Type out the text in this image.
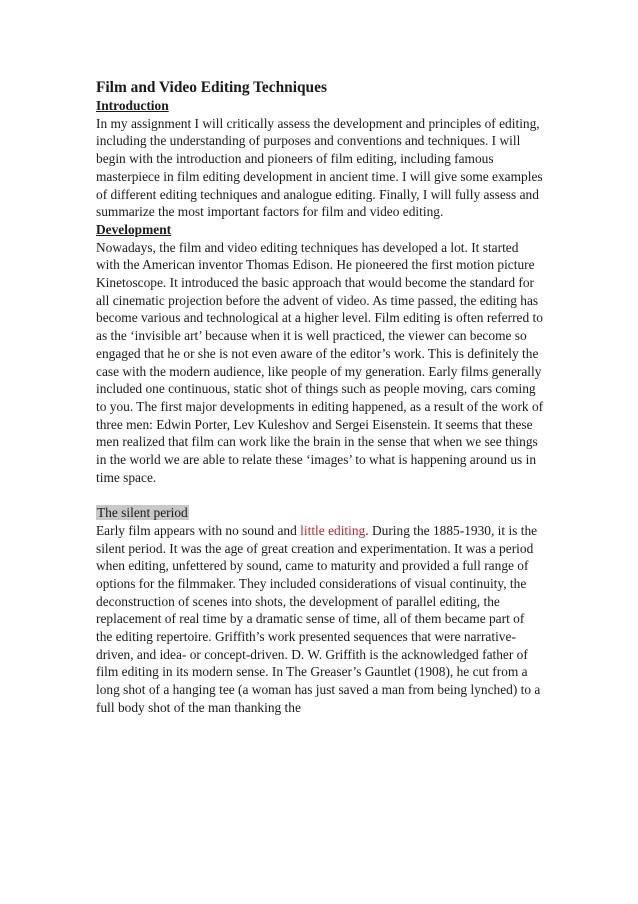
Film and Video Editing Techniques

Introduction

In my assignment I will critically assess the development and principles of editing, including the understanding of purposes and conventions and techniques. I will begin with the introduction and pioneers of film editing, including famous masterpiece in film editing development in ancient time. I will give some examples of different editing techniques and analogue editing. Finally, I will fully assess and summarize the most important factors for film and video editing.

Development

Nowadays, the film and video editing techniques has developed a lot. It started with the American inventor Thomas Edison. He pioneered the first motion picture Kinetoscope. It introduced the basic approach that would become the standard for all cinematic projection before the advent of video. As time passed, the editing has become various and technological at a higher level. Film editing is often referred to as the ‘invisible art’ because when it is well practiced, the viewer can become so engaged that he or she is not even aware of the editor’s work. This is definitely the case with the modern audience, like people of my generation. Early films generally included one continuous, static shot of things such as people moving, cars coming to you. The first major developments in editing happened, as a result of the work of three men: Edwin Porter, Lev Kuleshov and Sergei Eisenstein. It seems that these men realized that film can work like the brain in the sense that when we see things in the world we are able to relate these ‘images’ to what is happening around us in time space.

The silent period

Early film appears with no sound and little editing. During the 1885-1930, it is the silent period. It was the age of great creation and experimentation. It was a period when editing, unfettered by sound, came to maturity and provided a full range of options for the filmmaker. They included considerations of visual continuity, the deconstruction of scenes into shots, the development of parallel editing, the replacement of real time by a dramatic sense of time, all of them became part of the editing repertoire. Griffith’s work presented sequences that were narrative-driven, and idea- or concept-driven. D. W. Griffith is the acknowledged father of film editing in its modern sense. In The Greaser’s Gauntlet (1908), he cut from a long shot of a hanging tee (a woman has just saved a man from being lynched) to a full body shot of the man thanking the
